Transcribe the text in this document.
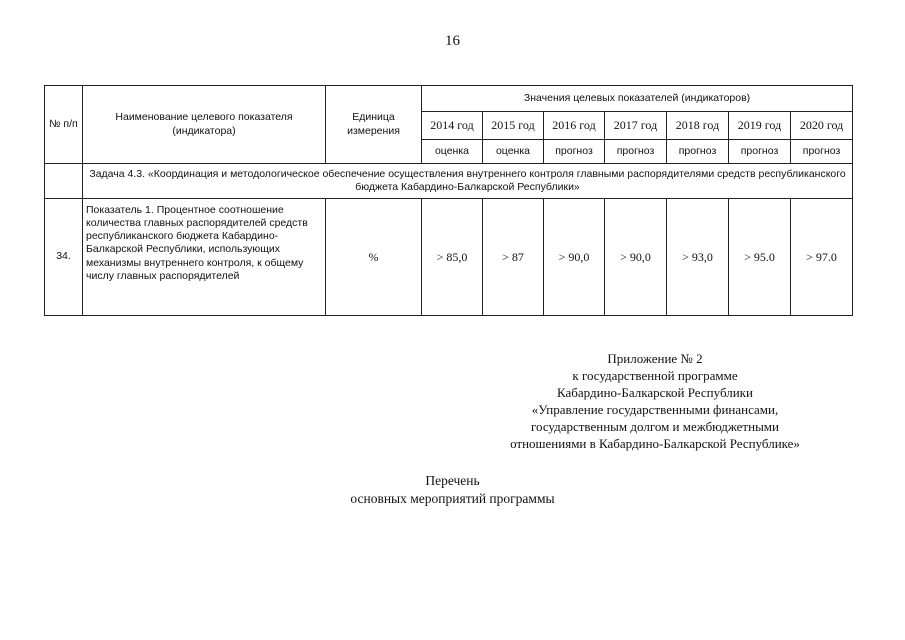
16
№ п/п	Наименование целевого показателя (индикатора)	Единица измерения	Значения целевых показателей (индикаторов)						
			2014 год	2015 год	2016 год	2017 год	2018 год	2019 год	2020 год
			оценка	оценка	прогноз	прогноз	прогноз	прогноз	прогноз
	Задача 4.3. «Координация и методологическое обеспечение осуществления внутреннего контроля главными распорядителями средств республиканского бюджета Кабардино-Балкарской Республики»								
34.	Показатель 1. Процентное соотношение количества главных распорядителей средств республиканского бюджета Кабардино-Балкарской Республики, использующих механизмы внутреннего контроля, к общему числу главных распорядителей	%	> 85,0	> 87	> 90,0	> 90,0	> 93,0	> 95.0	> 97.0
Приложение № 2
к государственной программе
Кабардино-Балкарской Республики
«Управление государственными финансами,
государственным долгом и межбюджетными
отношениями в Кабардино-Балкарской Республике»
Перечень
основных мероприятий программы
